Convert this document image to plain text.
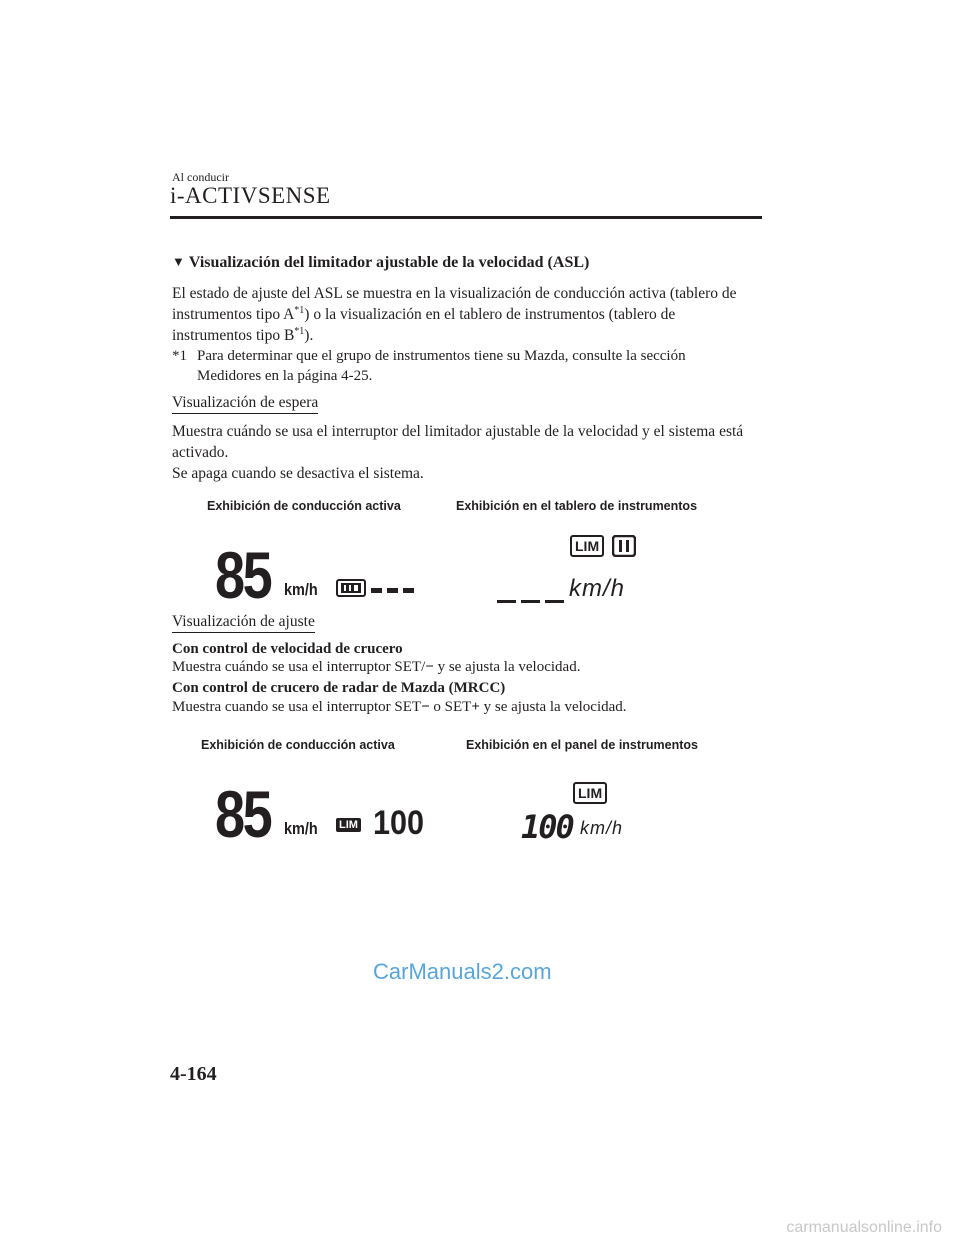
Al conducir
i-ACTIVSENSE
▼ Visualización del limitador ajustable de la velocidad (ASL)
El estado de ajuste del ASL se muestra en la visualización de conducción activa (tablero de
instrumentos tipo $A^{*1}$) o la visualización en el tablero de instrumentos (tablero de
instrumentos tipo $B^{*1}$).
*1 Para determinar que el grupo de instrumentos tiene su Mazda, consulte la sección
Medidores en la página 4-25.
Visualización de espera
Muestra cuándo se usa el interruptor del limitador ajustable de la velocidad y el sistema está
activado.
Se apaga cuando se desactiva el sistema.
Exhibición de conducción activa	Exhibición en el tablero de instrumentos
85 km/h
LIM
km/h
Visualización de ajuste
Con control de velocidad de crucero
Muestra cuándo se usa el interruptor SET/− y se ajusta la velocidad.
Con control de crucero de radar de Mazda (MRCC)
Muestra cuando se usa el interruptor SET− o SET+ y se ajusta la velocidad.
Exhibición de conducción activa	Exhibición en el panel de instrumentos
85 km/h LIM 100
LIM
100 km/h
CarManuals2.com
4-164
carmanualsonline.info
